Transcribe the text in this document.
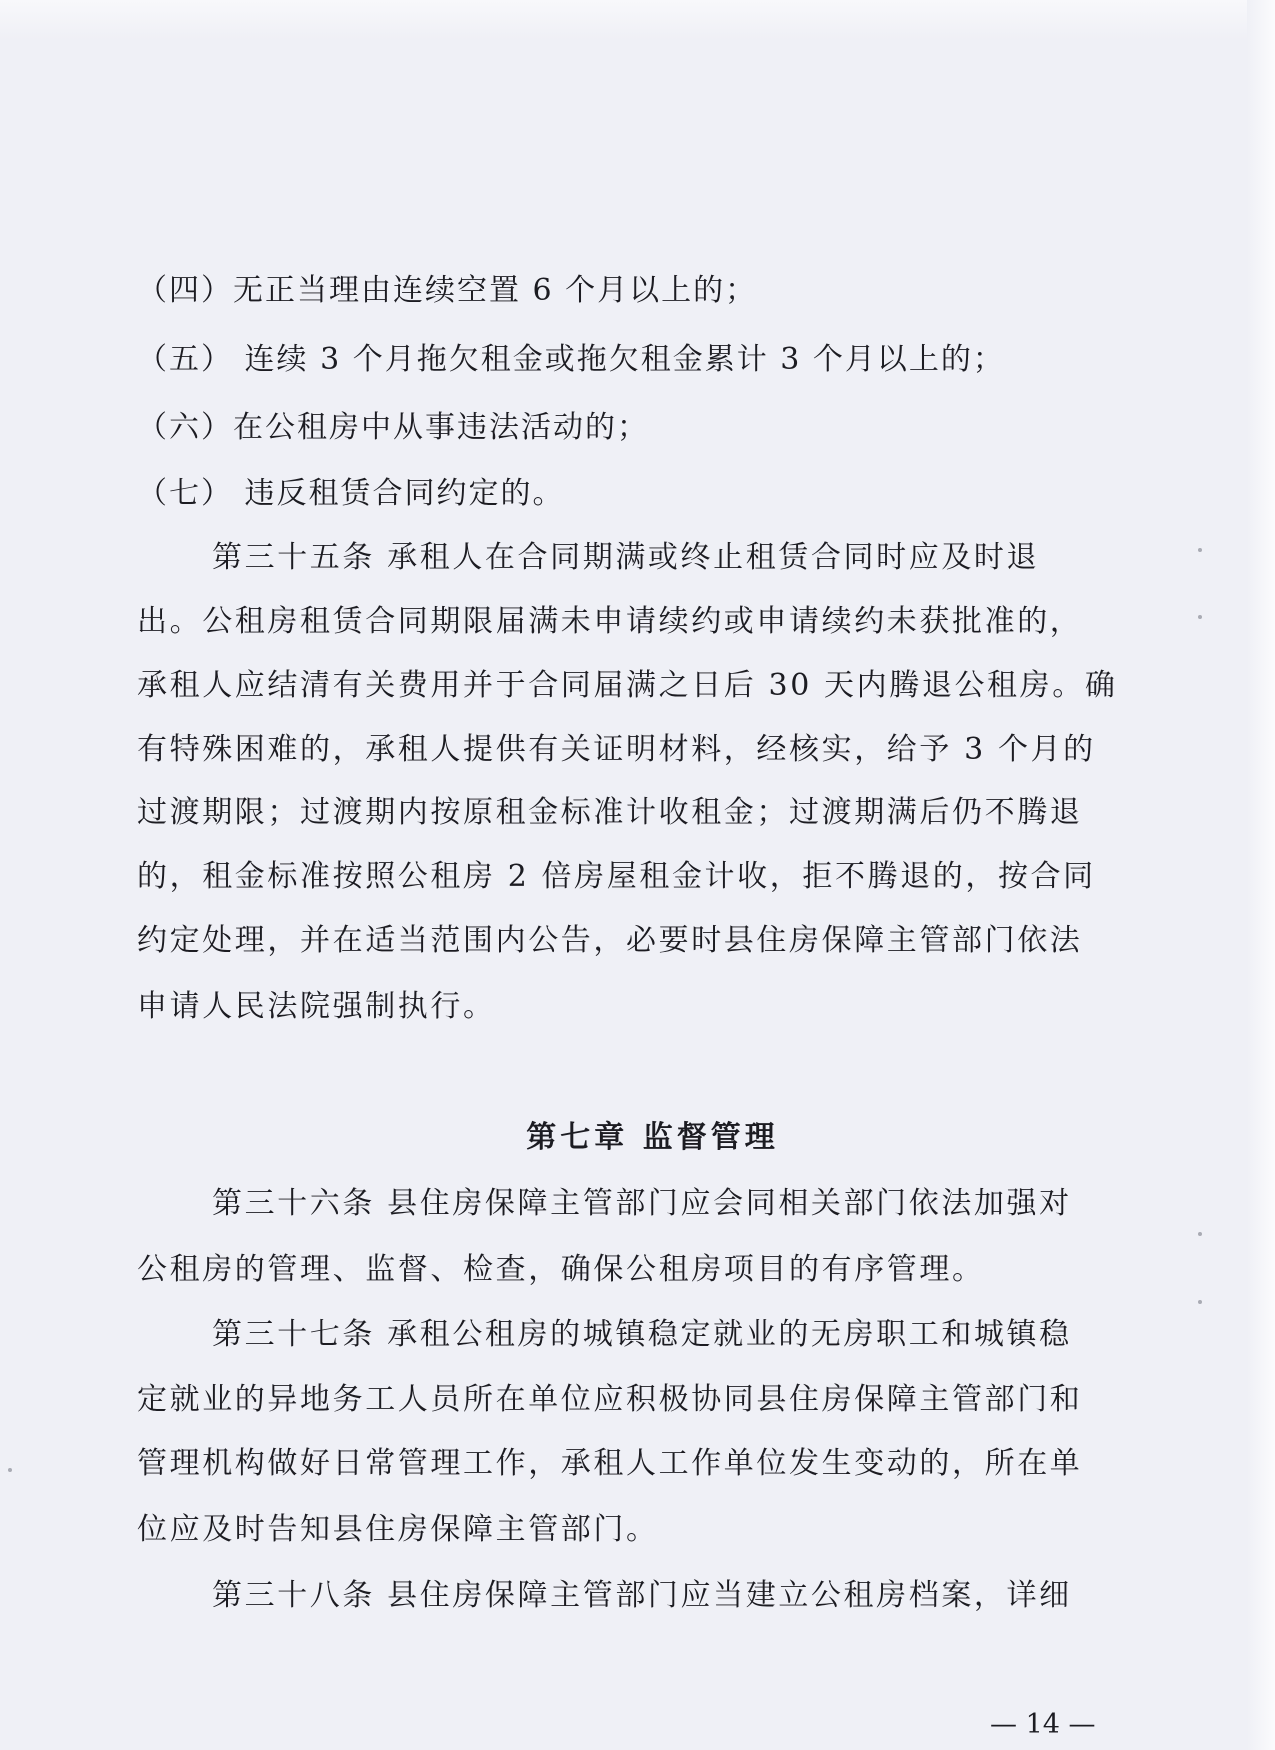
（四）无正当理由连续空置 6 个月以上的；
（五） 连续 3 个月拖欠租金或拖欠租金累计 3 个月以上的；
（六）在公租房中从事违法活动的；
（七） 违反租赁合同约定的。
第三十五条 承租人在合同期满或终止租赁合同时应及时退
出。公租房租赁合同期限届满未申请续约或申请续约未获批准的，
承租人应结清有关费用并于合同届满之日后 30 天内腾退公租房。确
有特殊困难的，承租人提供有关证明材料，经核实，给予 3 个月的
过渡期限；过渡期内按原租金标准计收租金；过渡期满后仍不腾退
的，租金标准按照公租房 2 倍房屋租金计收，拒不腾退的，按合同
约定处理，并在适当范围内公告，必要时县住房保障主管部门依法
申请人民法院强制执行。
第七章 监督管理
第三十六条 县住房保障主管部门应会同相关部门依法加强对
公租房的管理、监督、检查，确保公租房项目的有序管理。
第三十七条 承租公租房的城镇稳定就业的无房职工和城镇稳
定就业的异地务工人员所在单位应积极协同县住房保障主管部门和
管理机构做好日常管理工作，承租人工作单位发生变动的，所在单
位应及时告知县住房保障主管部门。
第三十八条 县住房保障主管部门应当建立公租房档案，详细
— 14 —
